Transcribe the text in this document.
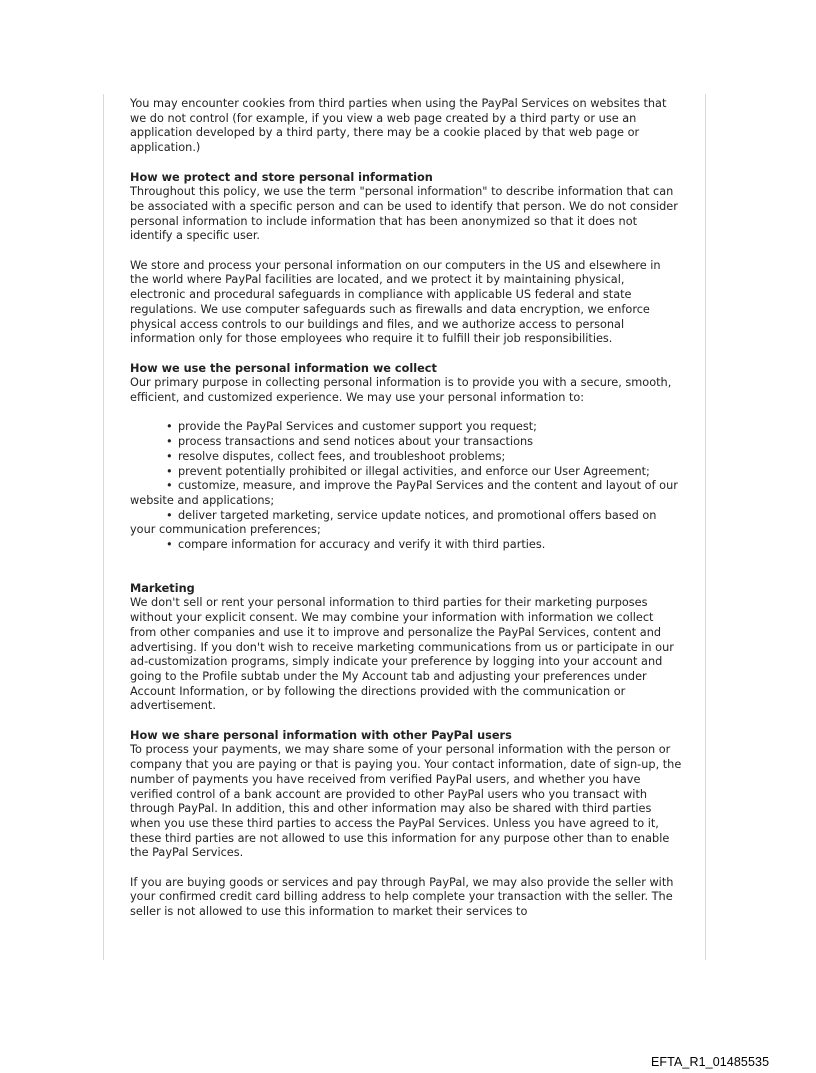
You may encounter cookies from third parties when using the PayPal Services on websites that we do not control (for example, if you view a web page created by a third party or use an application developed by a third party, there may be a cookie placed by that web page or application.)

How we protect and store personal information

Throughout this policy, we use the term "personal information" to describe information that can be associated with a specific person and can be used to identify that person. We do not consider personal information to include information that has been anonymized so that it does not identify a specific user.

We store and process your personal information on our computers in the US and elsewhere in the world where PayPal facilities are located, and we protect it by maintaining physical, electronic and procedural safeguards in compliance with applicable US federal and state regulations. We use computer safeguards such as firewalls and data encryption, we enforce physical access controls to our buildings and files, and we authorize access to personal information only for those employees who require it to fulfill their job responsibilities.

How we use the personal information we collect

Our primary purpose in collecting personal information is to provide you with a secure, smooth, efficient, and customized experience. We may use your personal information to:

• provide the PayPal Services and customer support you request;
• process transactions and send notices about your transactions
• resolve disputes, collect fees, and troubleshoot problems;
• prevent potentially prohibited or illegal activities, and enforce our User Agreement;
• customize, measure, and improve the PayPal Services and the content and layout of our website and applications;
• deliver targeted marketing, service update notices, and promotional offers based on your communication preferences;
• compare information for accuracy and verify it with third parties.
Marketing

We don't sell or rent your personal information to third parties for their marketing purposes without your explicit consent. We may combine your information with information we collect from other companies and use it to improve and personalize the PayPal Services, content and advertising. If you don't wish to receive marketing communications from us or participate in our ad-customization programs, simply indicate your preference by logging into your account and going to the Profile subtab under the My Account tab and adjusting your preferences under Account Information, or by following the directions provided with the communication or advertisement.

How we share personal information with other PayPal users

To process your payments, we may share some of your personal information with the person or company that you are paying or that is paying you. Your contact information, date of sign-up, the number of payments you have received from verified PayPal users, and whether you have verified control of a bank account are provided to other PayPal users who you transact with through PayPal. In addition, this and other information may also be shared with third parties when you use these third parties to access the PayPal Services. Unless you have agreed to it, these third parties are not allowed to use this information for any purpose other than to enable the PayPal Services.

If you are buying goods or services and pay through PayPal, we may also provide the seller with your confirmed credit card billing address to help complete your transaction with the seller. The seller is not allowed to use this information to market their services to

EFTA_R1_01485535
